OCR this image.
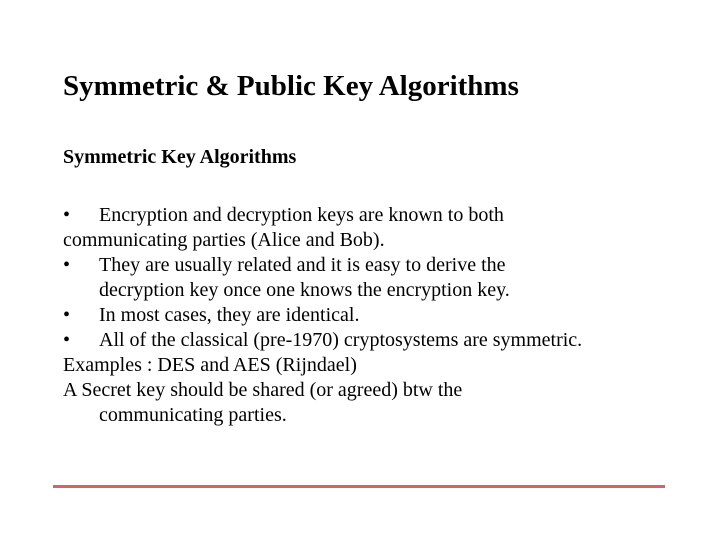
Symmetric & Public Key Algorithms
Symmetric Key Algorithms
• Encryption and decryption keys are known to both
communicating parties (Alice and Bob).
• They are usually related and it is easy to derive the
decryption key once one knows the encryption key.
• In most cases, they are identical.
• All of the classical (pre-1970) cryptosystems are symmetric.
Examples : DES and AES (Rijndael)
A Secret key should be shared (or agreed) btw the
communicating parties.
